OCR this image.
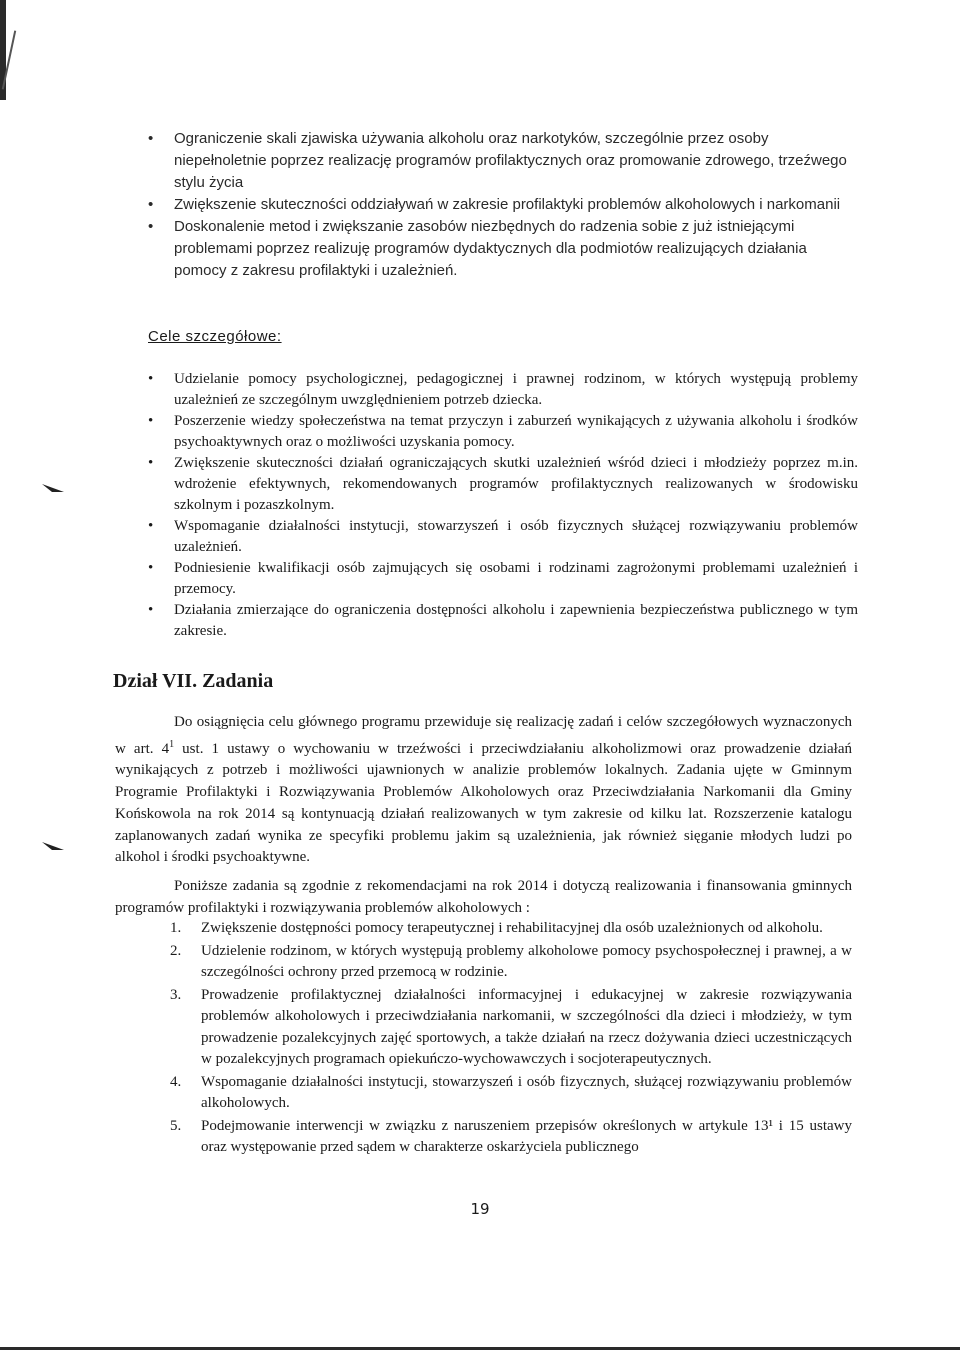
• Ograniczenie skali zjawiska używania alkoholu oraz narkotyków, szczególnie przez osoby niepełnoletnie poprzez realizację programów profilaktycznych oraz promowanie zdrowego, trzeźwego stylu życia
• Zwiększenie skuteczności oddziaływań w zakresie profilaktyki problemów alkoholowych i narkomanii
• Doskonalenie metod i zwiększanie zasobów niezbędnych do radzenia sobie z już istniejącymi problemami poprzez realizuję programów dydaktycznych dla podmiotów realizujących działania pomocy z zakresu profilaktyki i uzależnień.
Cele szczegółowe:
• Udzielanie pomocy psychologicznej, pedagogicznej i prawnej rodzinom, w których występują problemy uzależnień ze szczególnym uwzględnieniem potrzeb dziecka.
• Poszerzenie wiedzy społeczeństwa na temat przyczyn i zaburzeń wynikających z używania alkoholu i środków psychoaktywnych oraz o możliwości uzyskania pomocy.
• Zwiększenie skuteczności działań ograniczających skutki uzależnień wśród dzieci i młodzieży poprzez m.in. wdrożenie efektywnych, rekomendowanych programów profilaktycznych realizowanych w środowisku szkolnym i pozaszkolnym.
• Wspomaganie działalności instytucji, stowarzyszeń i osób fizycznych służącej rozwiązywaniu problemów uzależnień.
• Podniesienie kwalifikacji osób zajmujących się osobami i rodzinami zagrożonymi problemami uzależnień i przemocy.
• Działania zmierzające do ograniczenia dostępności alkoholu i zapewnienia bezpieczeństwa publicznego w tym zakresie.
Dział VII. Zadania

Do osiągnięcia celu głównego programu przewiduje się realizację zadań i celów szczegółowych wyznaczonych w art. $4^1$ ust. 1 ustawy o wychowaniu w trzeźwości i przeciwdziałaniu alkoholizmowi oraz prowadzenie działań wynikających z potrzeb i możliwości ujawnionych w analizie problemów lokalnych. Zadania ujęte w Gminnym Programie Profilaktyki i Rozwiązywania Problemów Alkoholowych oraz Przeciwdziałania Narkomanii dla Gminy Końskowola na rok 2014 są kontynuacją działań realizowanych w tym zakresie od kilku lat. Rozszerzenie katalogu zaplanowanych zadań wynika ze specyfiki problemu jakim są uzależnienia, jak również sięganie młodych ludzi po alkohol i środki psychoaktywne.

Poniższe zadania są zgodnie z rekomendacjami na rok 2014 i dotyczą realizowania i finansowania gminnych programów profilaktyki i rozwiązywania problemów alkoholowych :

1. Zwiększenie dostępności pomocy terapeutycznej i rehabilitacyjnej dla osób uzależnionych od alkoholu.
2. Udzielenie rodzinom, w których występują problemy alkoholowe pomocy psychospołecznej i prawnej, a w szczególności ochrony przed przemocą w rodzinie.
3. Prowadzenie profilaktycznej działalności informacyjnej i edukacyjnej w zakresie rozwiązywania problemów alkoholowych i przeciwdziałania narkomanii, w szczególności dla dzieci i młodzieży, w tym prowadzenie pozalekcyjnych zajęć sportowych, a także działań na rzecz dożywania dzieci uczestniczących w pozalekcyjnych programach opiekuńczo-wychowawczych i socjoterapeutycznych.
4. Wspomaganie działalności instytucji, stowarzyszeń i osób fizycznych, służącej rozwiązywaniu problemów alkoholowych.
5. Podejmowanie interwencji w związku z naruszeniem przepisów określonych w artykule 13¹ i 15 ustawy oraz występowanie przed sądem w charakterze oskarżyciela publicznego
19
